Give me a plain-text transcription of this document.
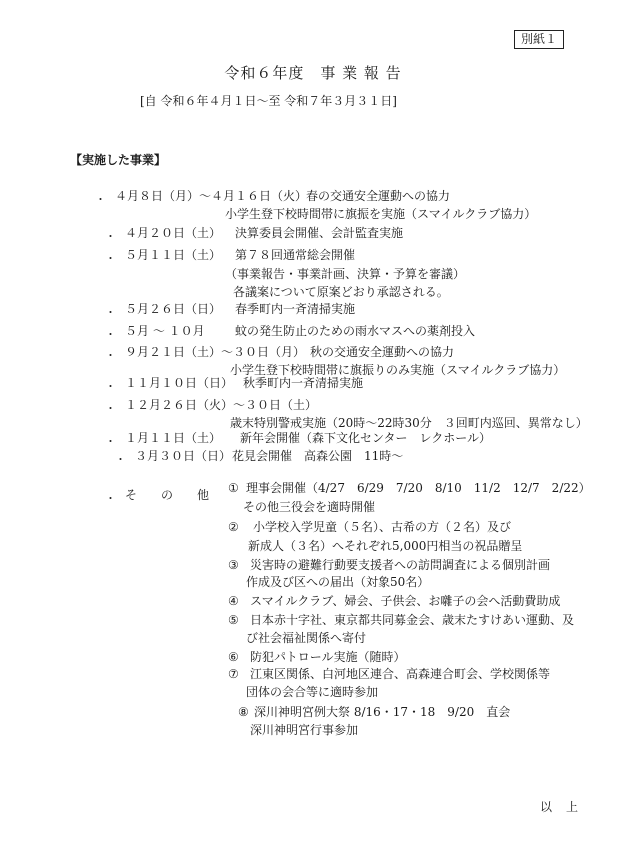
別紙１
令和６年度　事 業 報 告
[自 令和６年４月１日～至 令和７年３月３１日]
【実施した事業】
・ ４月８日（月）～４月１６日（火）
春の交通安全運動への協力
小学生登下校時間帯に旗振を実施（スマイルクラブ協力）
・ ４月２０日（土） 決算委員会開催、会計監査実施
・ ５月１１日（土） 第７８回通常総会開催
（事業報告・事業計画、決算・予算を審議）
各議案について原案どおり承認される。
・ ５月２６日（日） 春季町内一斉清掃実施
・ ５月 ～ １０月	蚊の発生防止のための雨水マスへの薬剤投入
・ ９月２１日（土）～３０日（月） 秋の交通安全運動への協力
小学生登下校時間帯に旗振りのみ実施（スマイルクラブ協力）
・ １１月１０日（日） 秋季町内一斉清掃実施
・ １２月２６日（火）～３０日（土）
歳末特別警戒実施（20時～22時30分　３回町内巡回、異常なし）
・ １月１１日（土） 新年会開催（森下文化センター　レクホール）
・ ３月３０日（日） 花見会開催　高森公園　11時～
・ そ　　の　　他 ① 理事会開催（4/27　6/29　7/20　8/10　11/2　12/7　2/22）
その他三役会を適時開催
② 小学校入学児童（５名）、古希の方（２名）及び
新成人（３名）へそれぞれ5,000円相当の祝品贈呈
③ 災害時の避難行動要支援者への訪問調査による個別計画
作成及び区への届出（対象50名）
④ スマイルクラブ、婦会、子供会、お囃子の会へ活動費助成
⑤ 日本赤十字社、東京都共同募金会、歳末たすけあい運動、及
び社会福祉関係へ寄付
⑥ 防犯パトロール実施（随時）
⑦ 江東区関係、白河地区連合、高森連合町会、学校関係等
団体の会合等に適時参加
⑧ 深川神明宮例大祭 8/16・17・18　9/20　直会
深川神明宮行事参加
以上
